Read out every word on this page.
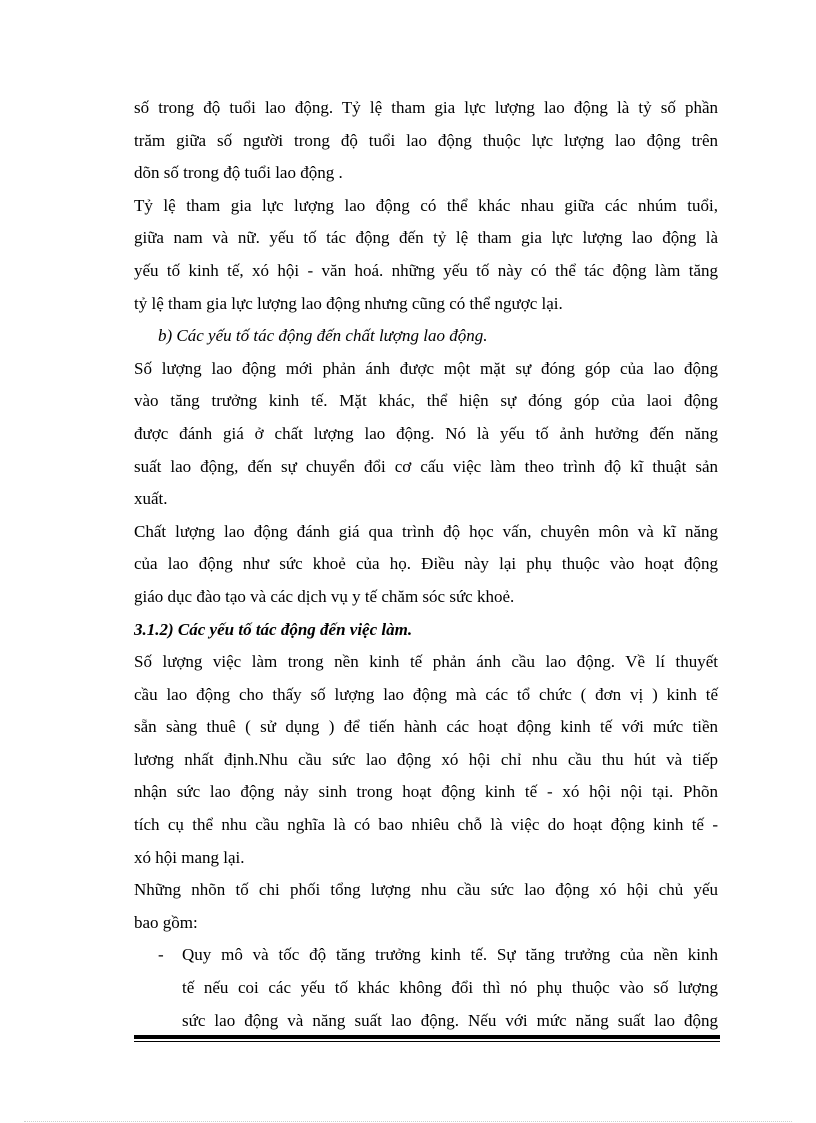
số trong độ tuổi lao động. Tỷ lệ tham gia lực lượng lao động là tỷ số phần
trăm giữa số người trong độ tuổi lao động thuộc lực lượng lao động trên
dõn số trong độ tuổi lao động .
Tỷ lệ tham gia lực lượng lao động có thể khác nhau giữa các nhúm tuổi,
giữa nam và nữ. yếu tố tác động đến tỷ lệ tham gia lực lượng lao động là
yếu tố kinh tế, xó hội - văn hoá. những yếu tố này có thể tác động làm tăng
tỷ lệ tham gia lực lượng lao động nhưng cũng có thể ngược lại.
b) Các yếu tố tác động đến chất lượng lao động.
Số lượng lao động mới phản ánh được một mặt sự đóng góp của lao động
vào tăng trưởng kinh tế. Mặt khác, thể hiện sự đóng góp của laoi động
được đánh giá ở chất lượng lao động. Nó là yếu tố ảnh hưởng đến năng
suất lao động, đến sự chuyển đổi cơ cấu việc làm theo trình độ kĩ thuật sản
xuất.
Chất lượng lao động đánh giá qua trình độ học vấn, chuyên môn và kĩ năng
của lao động như sức khoẻ của họ. Điều này lại phụ thuộc vào hoạt động
giáo dục đào tạo và các dịch vụ y tế chăm sóc sức khoẻ.
3.1.2) Các yếu tố tác động đến việc làm.
Số lượng việc làm trong nền kinh tế phản ánh cầu lao động. Về lí thuyết
cầu lao động cho thấy số lượng lao động mà các tổ chức ( đơn vị ) kinh tế
sẵn sàng thuê ( sử dụng ) để tiến hành các hoạt động kinh tế với mức tiền
lương nhất định.Nhu cầu sức lao động xó hội chỉ nhu cầu thu hút và tiếp
nhận sức lao động nảy sinh trong hoạt động kinh tế - xó hội nội tại. Phõn
tích cụ thể nhu cầu nghĩa là có bao nhiêu chỗ là việc do hoạt động kinh tế -
xó hội mang lại.
Những nhõn tố chi phối tổng lượng nhu cầu sức lao động xó hội chủ yếu
bao gồm:
-	Quy mô và tốc độ tăng trưởng kinh tế. Sự tăng trưởng của nền kinh
tế nếu coi các yếu tố khác không đổi thì nó phụ thuộc vào số lượng
sức lao động và năng suất lao động. Nếu với mức năng suất lao động
